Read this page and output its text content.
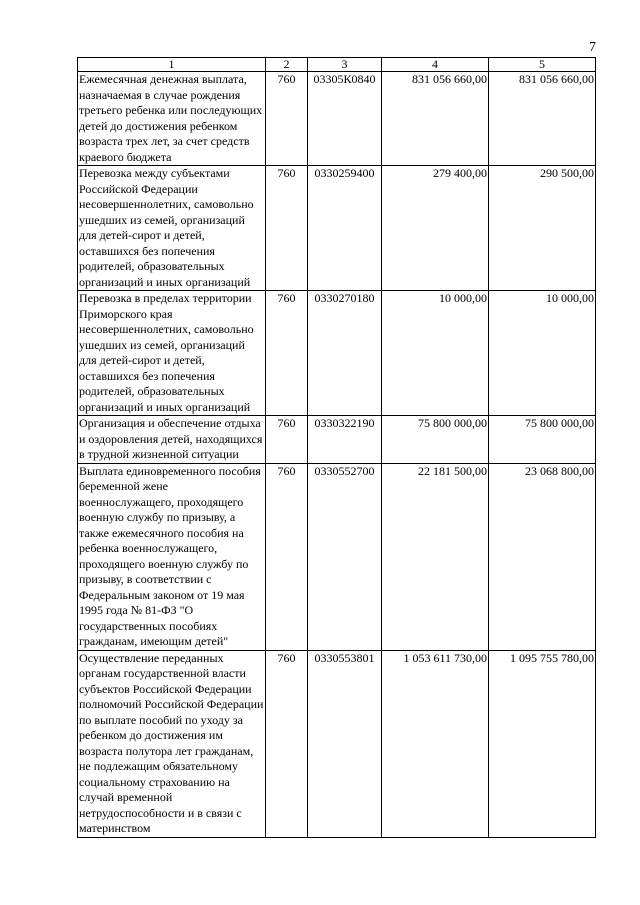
7
1	2	3	4	5
Ежемесячная денежная выплата, назначаемая в случае рождения третьего ребенка или последующих детей до достижения ребенком возраста трех лет, за счет средств краевого бюджета	760	03305К0840	831 056 660,00	831 056 660,00
Перевозка между субъектами Российской Федерации несовершеннолетних, самовольно ушедших из семей, организаций для детей-сирот и детей, оставшихся без попечения родителей, образовательных организаций и иных организаций	760	0330259400	279 400,00	290 500,00
Перевозка в пределах территории Приморского края несовершеннолетних, самовольно ушедших из семей, организаций для детей-сирот и детей, оставшихся без попечения родителей, образовательных организаций и иных организаций	760	0330270180	10 000,00	10 000,00
Организация и обеспечение отдыха и оздоровления детей, находящихся в трудной жизненной ситуации	760	0330322190	75 800 000,00	75 800 000,00
Выплата единовременного пособия беременной жене военнослужащего, проходящего военную службу по призыву, а также ежемесячного пособия на ребенка военнослужащего, проходящего военную службу по призыву, в соответствии с Федеральным законом от 19 мая 1995 года № 81-ФЗ "О государственных пособиях гражданам, имеющим детей"	760	0330552700	22 181 500,00	23 068 800,00
Осуществление переданных органам государственной власти субъектов Российской Федерации полномочий Российской Федерации по выплате пособий по уходу за ребенком до достижения им возраста полутора лет гражданам, не подлежащим обязательному социальному страхованию на случай временной нетрудоспособности и в связи с материнством	760	0330553801	1 053 611 730,00	1 095 755 780,00
